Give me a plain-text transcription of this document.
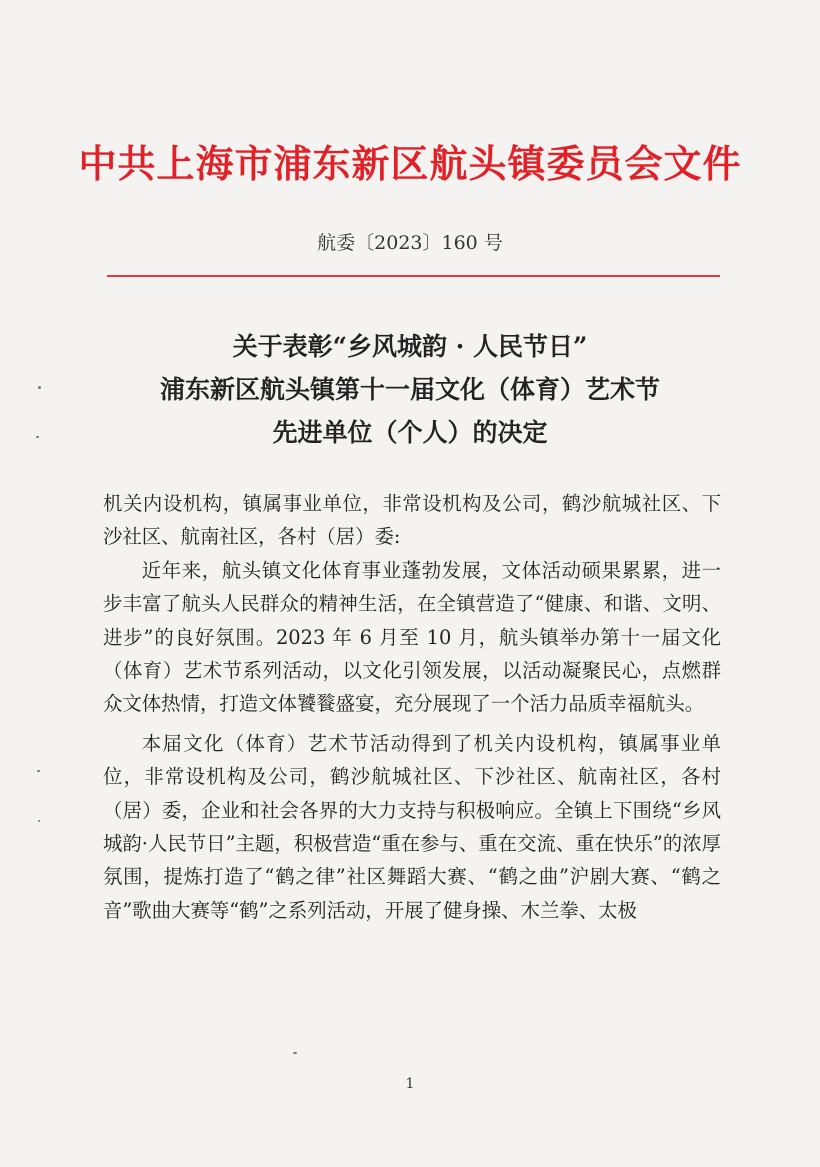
中共上海市浦东新区航头镇委员会文件
航委〔2023〕160 号
关于表彰“乡风城韵 · 人民节日”
浦东新区航头镇第十一届文化（体育）艺术节
先进单位（个人）的决定

机关内设机构，镇属事业单位，非常设机构及公司，鹤沙航城社区、下沙社区、航南社区，各村（居）委:

近年来，航头镇文化体育事业蓬勃发展，文体活动硕果累累，进一步丰富了航头人民群众的精神生活，在全镇营造了“健康、和谐、文明、进步”的良好氛围。2023 年 6 月至 10 月，航头镇举办第十一届文化（体育）艺术节系列活动，以文化引领发展，以活动凝聚民心，点燃群众文体热情，打造文体饕餮盛宴，充分展现了一个活力品质幸福航头。

本届文化（体育）艺术节活动得到了机关内设机构，镇属事业单位，非常设机构及公司，鹤沙航城社区、下沙社区、航南社区，各村（居）委，企业和社会各界的大力支持与积极响应。全镇上下围绕“乡风城韵·人民节日”主题，积极营造“重在参与、重在交流、重在快乐”的浓厚氛围，提炼打造了“鹤之律”社区舞蹈大赛、“鹤之曲”沪剧大赛、“鹤之音”歌曲大赛等“鹤”之系列活动，开展了健身操、木兰拳、太极

1
